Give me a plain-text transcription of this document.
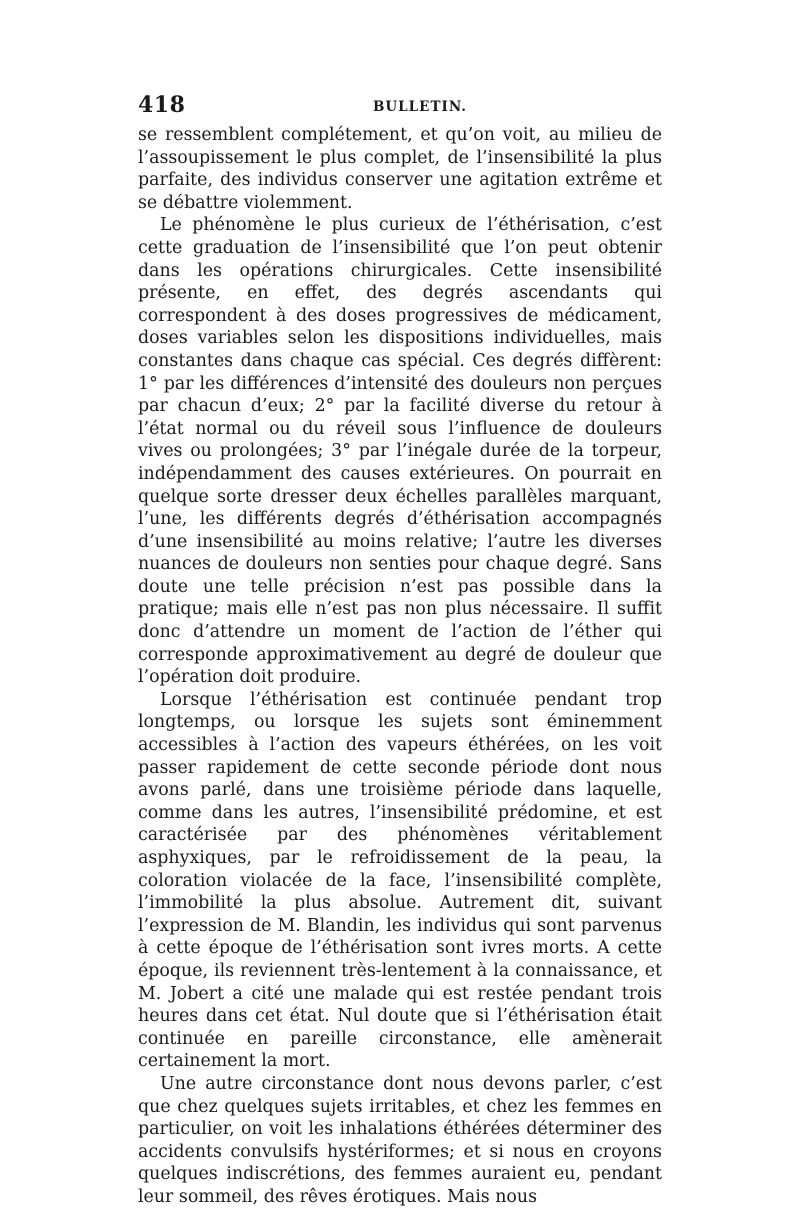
418	BULLETIN.

se ressemblent complétement, et qu’on voit, au milieu de l’assoupissement le plus complet, de l’insensibilité la plus parfaite, des individus conserver une agitation extrême et se débattre violemment.

Le phénomène le plus curieux de l’éthérisation, c’est cette graduation de l’insensibilité que l’on peut obtenir dans les opérations chirurgicales. Cette insensibilité présente, en effet, des degrés ascendants qui correspondent à des doses progressives de médicament, doses variables selon les dispositions individuelles, mais constantes dans chaque cas spécial. Ces degrés diffèrent: 1° par les différences d’intensité des douleurs non perçues par chacun d’eux; 2° par la facilité diverse du retour à l’état normal ou du réveil sous l’influence de douleurs vives ou prolongées; 3° par l’inégale durée de la torpeur, indépendamment des causes extérieures. On pourrait en quelque sorte dresser deux échelles parallèles marquant, l’une, les différents degrés d’éthérisation accompagnés d’une insensibilité au moins relative; l’autre les diverses nuances de douleurs non senties pour chaque degré. Sans doute une telle précision n’est pas possible dans la pratique; mais elle n’est pas non plus nécessaire. Il suffit donc d’attendre un moment de l’action de l’éther qui corresponde approximativement au degré de douleur que l’opération doit produire.

Lorsque l’éthérisation est continuée pendant trop longtemps, ou lorsque les sujets sont éminemment accessibles à l’action des vapeurs éthérées, on les voit passer rapidement de cette seconde période dont nous avons parlé, dans une troisième période dans laquelle, comme dans les autres, l’insensibilité prédomine, et est caractérisée par des phénomènes véritablement asphyxiques, par le refroidissement de la peau, la coloration violacée de la face, l’insensibilité complète, l’immobilité la plus absolue. Autrement dit, suivant l’expression de M. Blandin, les individus qui sont parvenus à cette époque de l’éthérisation sont ivres morts. A cette époque, ils reviennent très-lentement à la connaissance, et M. Jobert a cité une malade qui est restée pendant trois heures dans cet état. Nul doute que si l’éthérisation était continuée en pareille circonstance, elle amènerait certainement la mort.

Une autre circonstance dont nous devons parler, c’est que chez quelques sujets irritables, et chez les femmes en particulier, on voit les inhalations éthérées déterminer des accidents convulsifs hystériformes; et si nous en croyons quelques indiscrétions, des femmes auraient eu, pendant leur sommeil, des rêves érotiques. Mais nous
